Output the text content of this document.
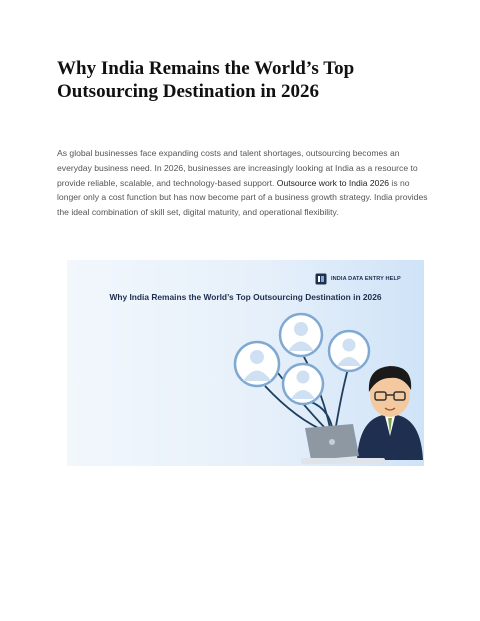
Why India Remains the World’s Top Outsourcing Destination in 2026

As global businesses face expanding costs and talent shortages, outsourcing becomes an everyday business need. In 2026, businesses are increasingly looking at India as a resource to provide reliable, scalable, and technology-based support. Outsource work to India 2026 is no longer only a cost function but has now become part of a business growth strategy. India provides the ideal combination of skill set, digital maturity, and operational flexibility.

INDIA DATA ENTRY HELP
Why India Remains the World’s Top Outsourcing Destination in 2026
